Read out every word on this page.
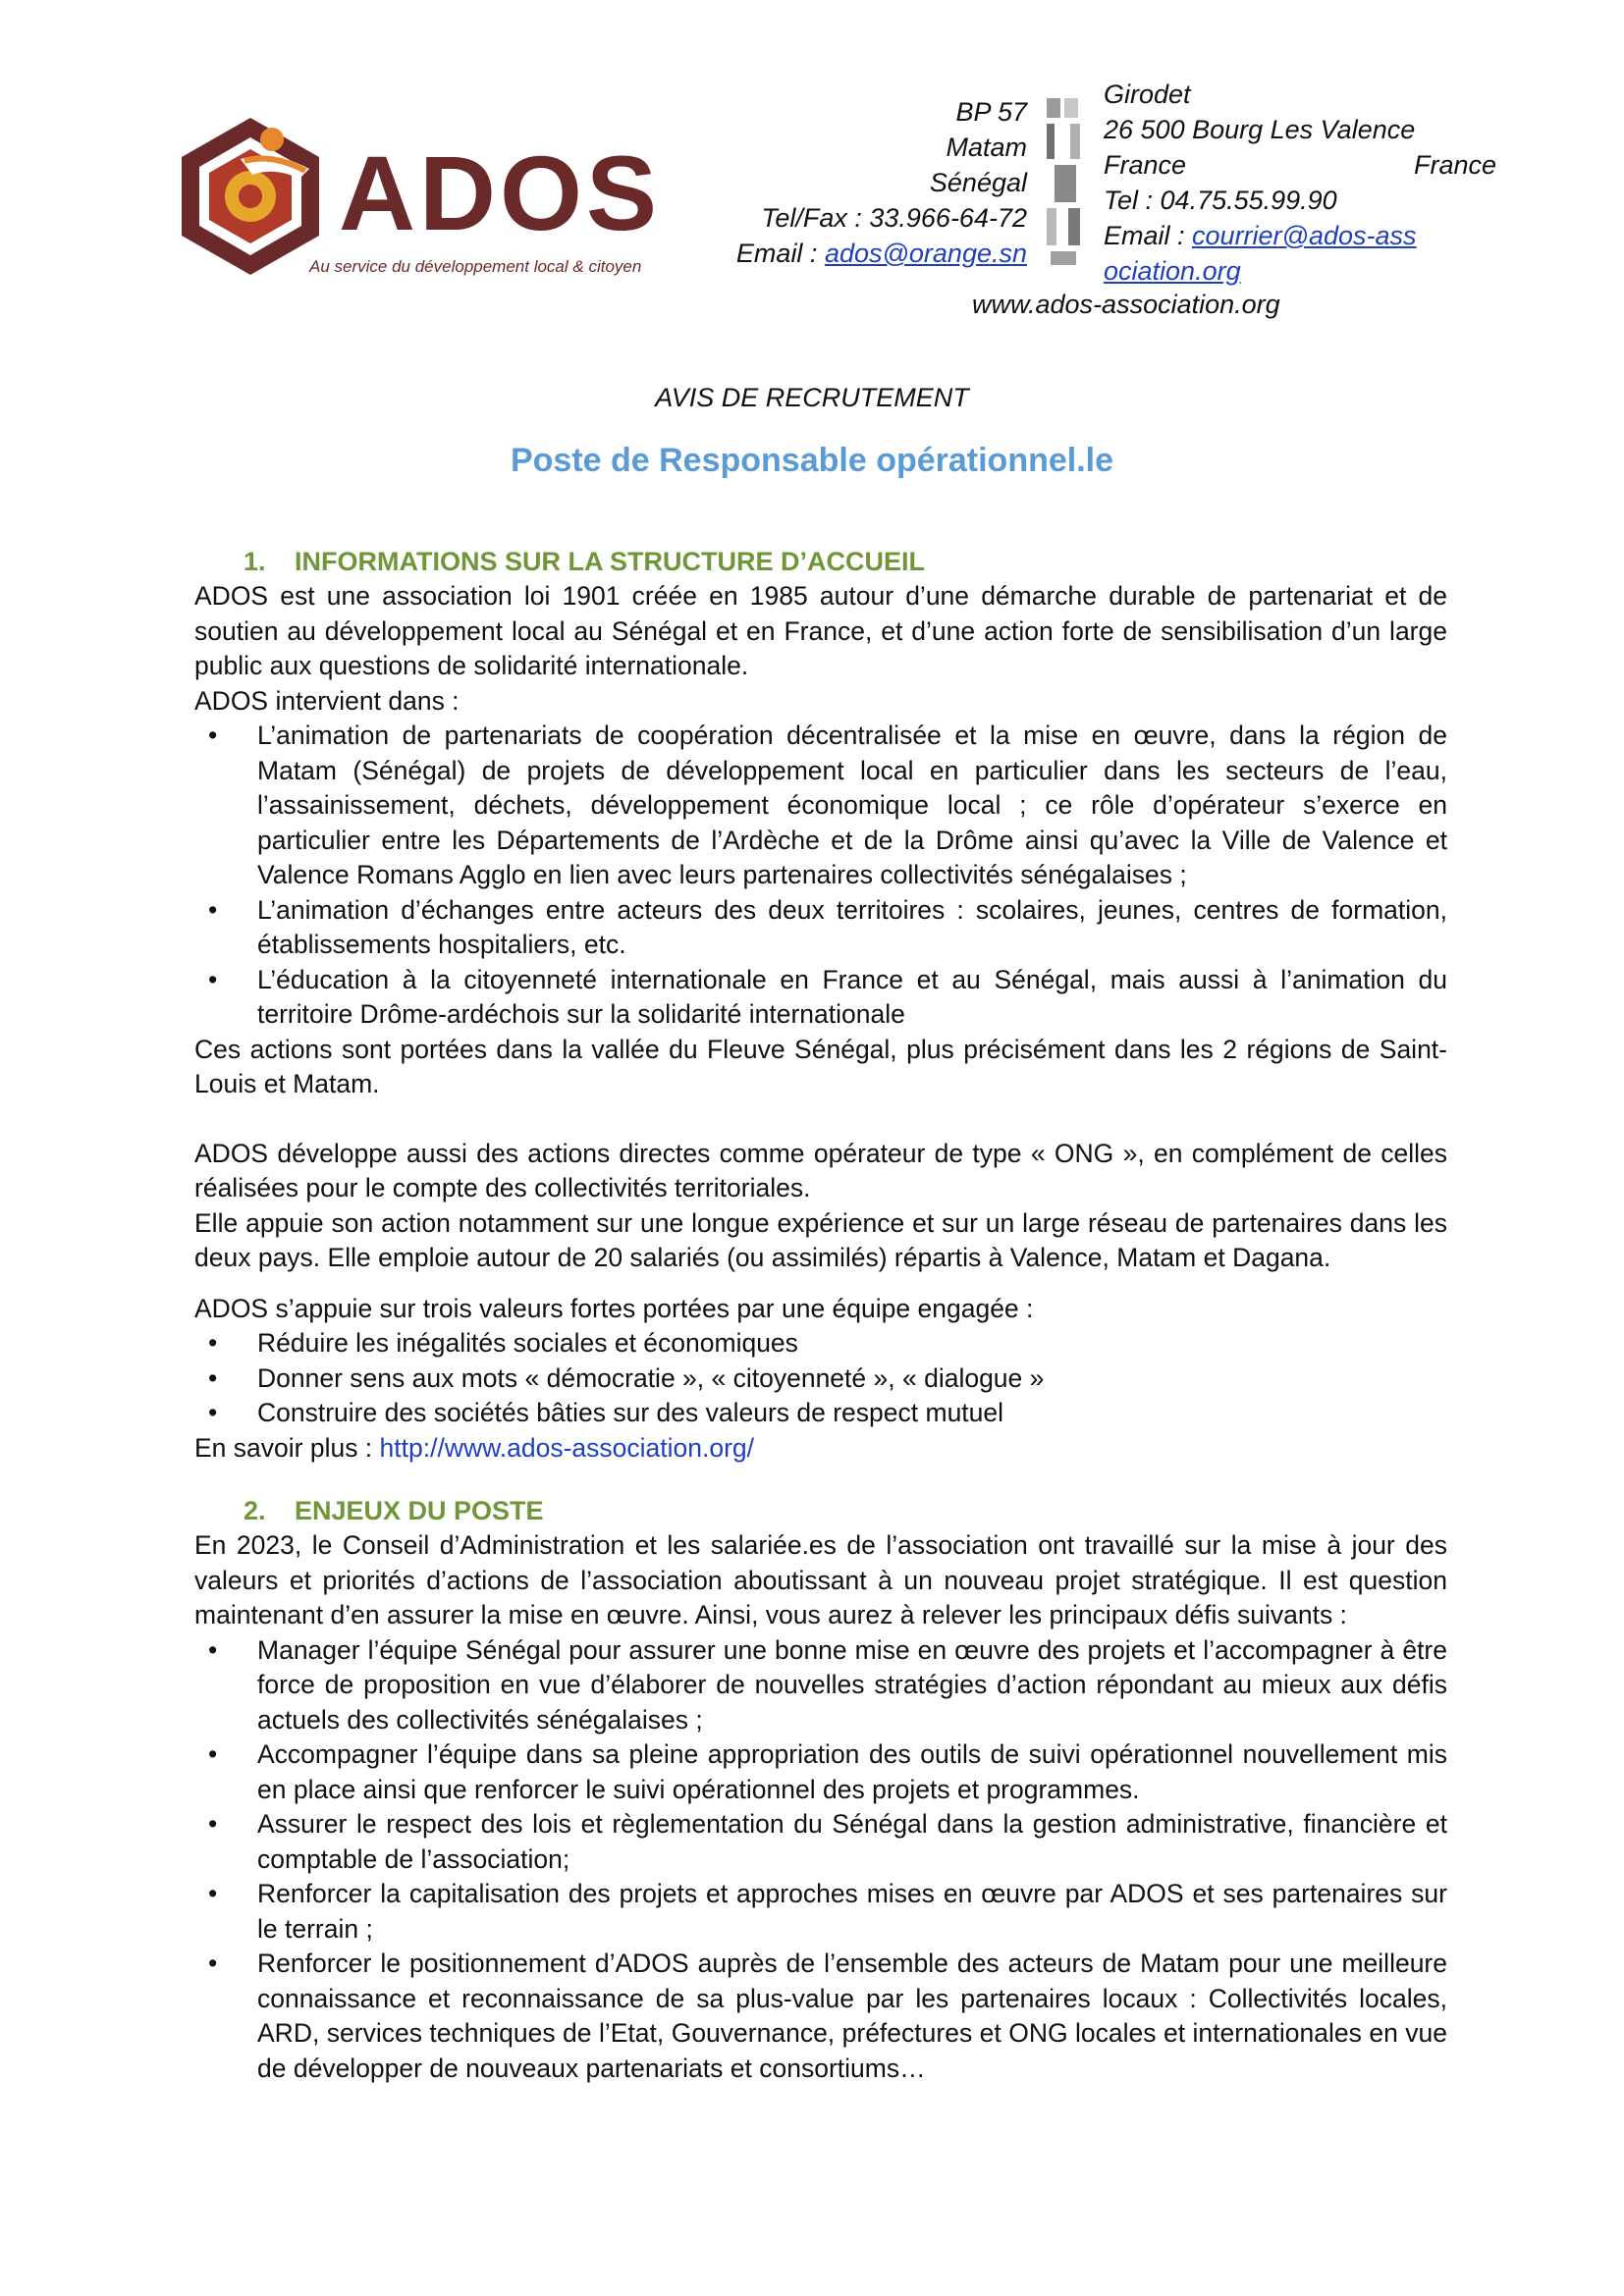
ADOS
Au service du développement local & citoyen
BP 57
Matam
Sénégal
Tel/Fax : 33.966-64-72
Email : ados@orange.sn
Girodet
26 500 Bourg Les Valence
France
Tel : 04.75.55.99.90
Email : courrier@ados-association.org
France
www.ados-association.org
AVIS DE RECRUTEMENT
Poste de Responsable opérationnel.le
1. INFORMATIONS SUR LA STRUCTURE D’ACCUEIL

ADOS est une association loi 1901 créée en 1985 autour d’une démarche durable de partenariat et de soutien au développement local au Sénégal et en France, et d’une action forte de sensibilisation d’un large public aux questions de solidarité internationale.

ADOS intervient dans :

• L’animation de partenariats de coopération décentralisée et la mise en œuvre, dans la région de Matam (Sénégal) de projets de développement local en particulier dans les secteurs de l’eau, l’assainissement, déchets, développement économique local ; ce rôle d’opérateur s’exerce en particulier entre les Départements de l’Ardèche et de la Drôme ainsi qu’avec la Ville de Valence et Valence Romans Agglo en lien avec leurs partenaires collectivités sénégalaises ;
• L’animation d’échanges entre acteurs des deux territoires : scolaires, jeunes, centres de formation, établissements hospitaliers, etc.
• L’éducation à la citoyenneté internationale en France et au Sénégal, mais aussi à l’animation du territoire Drôme-ardéchois sur la solidarité internationale

Ces actions sont portées dans la vallée du Fleuve Sénégal, plus précisément dans les 2 régions de Saint-Louis et Matam.

ADOS développe aussi des actions directes comme opérateur de type « ONG », en complément de celles réalisées pour le compte des collectivités territoriales.

Elle appuie son action notamment sur une longue expérience et sur un large réseau de partenaires dans les deux pays. Elle emploie autour de 20 salariés (ou assimilés) répartis à Valence, Matam et Dagana.

ADOS s’appuie sur trois valeurs fortes portées par une équipe engagée :

• Réduire les inégalités sociales et économiques
• Donner sens aux mots « démocratie », « citoyenneté », « dialogue »
• Construire des sociétés bâties sur des valeurs de respect mutuel

En savoir plus : http://www.ados-association.org/

2. ENJEUX DU POSTE

En 2023, le Conseil d’Administration et les salariée.es de l’association ont travaillé sur la mise à jour des valeurs et priorités d’actions de l’association aboutissant à un nouveau projet stratégique. Il est question maintenant d’en assurer la mise en œuvre. Ainsi, vous aurez à relever les principaux défis suivants :

• Manager l’équipe Sénégal pour assurer une bonne mise en œuvre des projets et l’accompagner à être force de proposition en vue d’élaborer de nouvelles stratégies d’action répondant au mieux aux défis actuels des collectivités sénégalaises ;
• Accompagner l’équipe dans sa pleine appropriation des outils de suivi opérationnel nouvellement mis en place ainsi que renforcer le suivi opérationnel des projets et programmes.
• Assurer le respect des lois et règlementation du Sénégal dans la gestion administrative, financière et comptable de l’association;
• Renforcer la capitalisation des projets et approches mises en œuvre par ADOS et ses partenaires sur le terrain ;
• Renforcer le positionnement d’ADOS auprès de l’ensemble des acteurs de Matam pour une meilleure connaissance et reconnaissance de sa plus-value par les partenaires locaux : Collectivités locales, ARD, services techniques de l’Etat, Gouvernance, préfectures et ONG locales et internationales en vue de développer de nouveaux partenariats et consortiums…
